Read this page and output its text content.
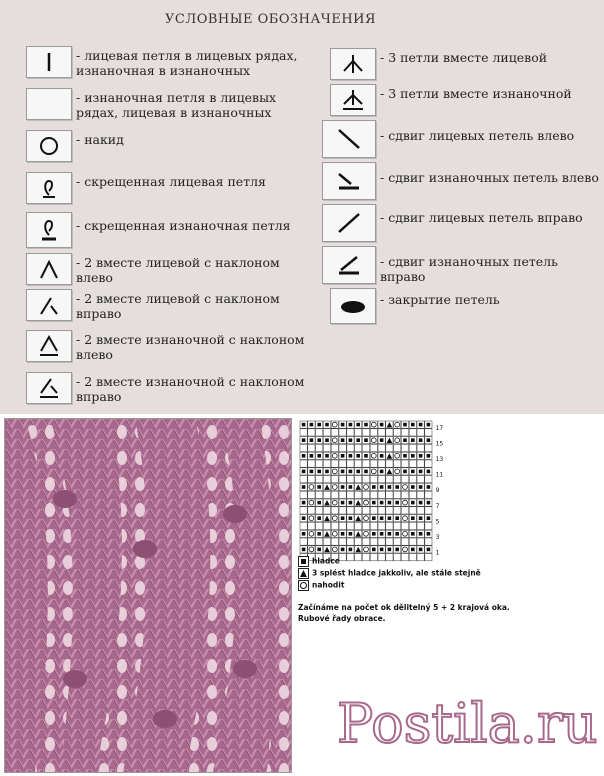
УСЛОВНЫЕ ОБОЗНАЧЕНИЯ
- лицевая петля в лицевых рядах, изнаночная в изнаночных
- изнаночная петля в лицевых рядах, лицевая в изнаночных
- накид
- скрещенная лицевая петля
- скрещенная изнаночная петля
- 2 вместе лицевой с наклоном влево
- 2 вместе лицевой с наклоном вправо
- 2 вместе изнаночной с наклоном влево
- 2 вместе изнаночной с наклоном вправо
- 3 петли вместе лицевой
- 3 петли вместе изнаночной
- сдвиг лицевых петель влево
- сдвиг изнаночных петель влево
- сдвиг лицевых петель вправо
- сдвиг изнаночных петель вправо
- закрытие петель
17
15
13
11
9
7
5
3
1
hladce
3 splést hladce jakkoliv, ale stále stejně
nahodit
Začínáme na počet ok dělitelný 5 + 2 krajová oka.
Rubové řady obrace.
Postila.ru
